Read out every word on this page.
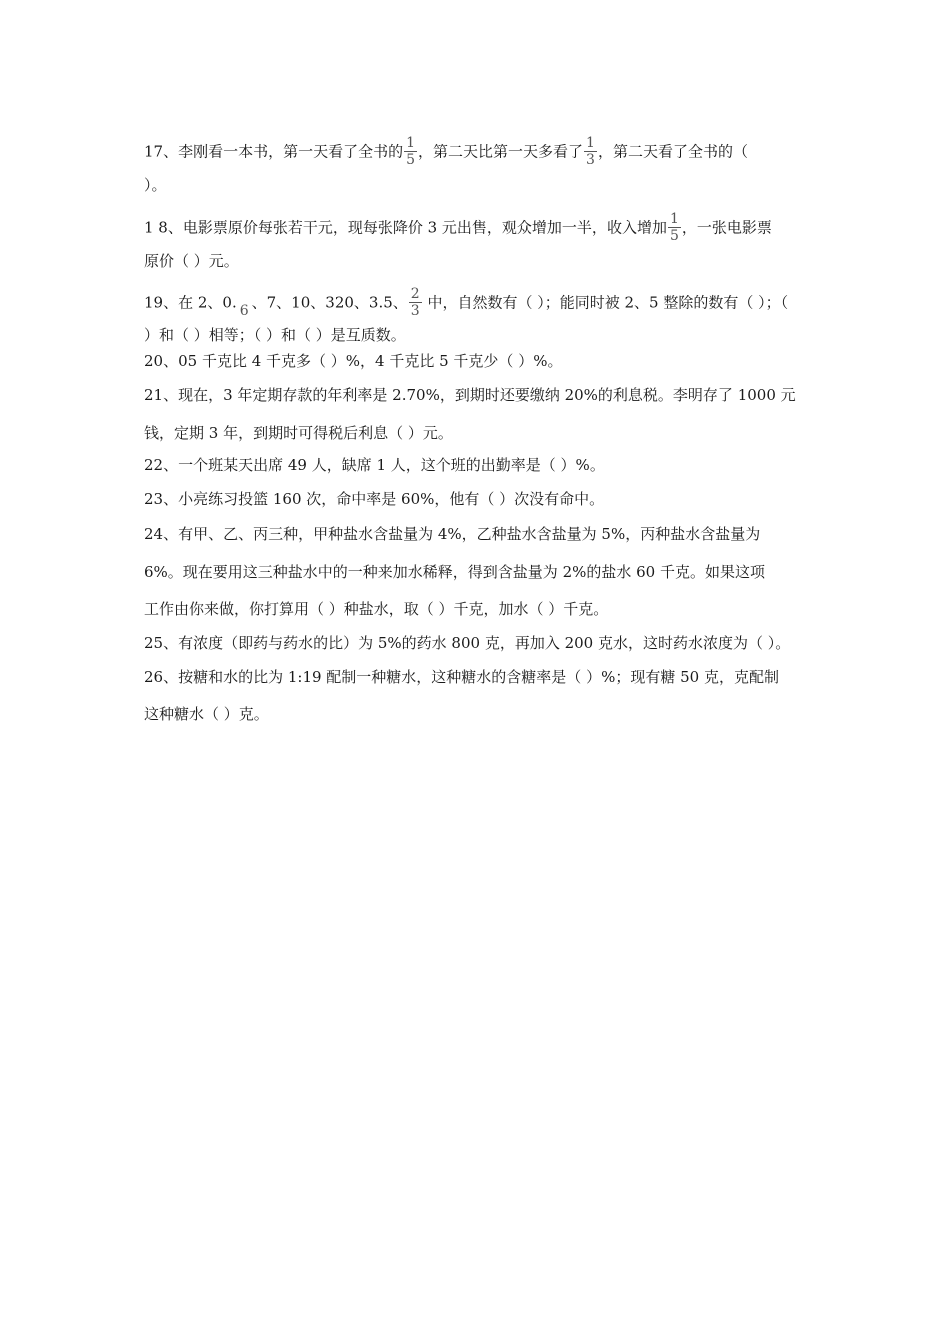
17、李刚看一本书，第一天看了全书的 $\frac{1}{5}$ ，第二天比第一天多看了 $\frac{1}{3}$ ，第二天看了全书的（
）。
1 8、电影票原价每张若干元，现每张降价 3 元出售，观众增加一半，收入增加 $\frac{1}{5}$ ，一张电影票
原价（ ）元。
19、在 2、0.
6 、7、10、320、3.5、 $\frac{2}{3}$ 中，自然数有（ ）；能同时被 2、5 整除的数有（ ）；（
）和（ ）相等；（ ）和（ ）是互质数。
20、05 千克比 4 千克多（ ）%，4 千克比 5 千克少（ ）%。
21、现在，3 年定期存款的年利率是 2.70%，到期时还要缴纳 20%的利息税。李明存了 1000 元
钱，定期 3 年，到期时可得税后利息（ ）元。
22、一个班某天出席 49 人，缺席 1 人，这个班的出勤率是（ ）%。
23、小亮练习投篮 160 次，命中率是 60%，他有（ ）次没有命中。
24、有甲、乙、丙三种，甲种盐水含盐量为 4%，乙种盐水含盐量为 5%，丙种盐水含盐量为
6%。现在要用这三种盐水中的一种来加水稀释，得到含盐量为 2%的盐水 60 千克。如果这项
工作由你来做，你打算用（ ）种盐水，取（ ）千克，加水（ ）千克。
25、有浓度（即药与药水的比）为 5%的药水 800 克，再加入 200 克水，这时药水浓度为（ ）。
26、按糖和水的比为 1:19 配制一种糖水，这种糖水的含糖率是（ ）%；现有糖 50 克，克配制
这种糖水（ ）克。
